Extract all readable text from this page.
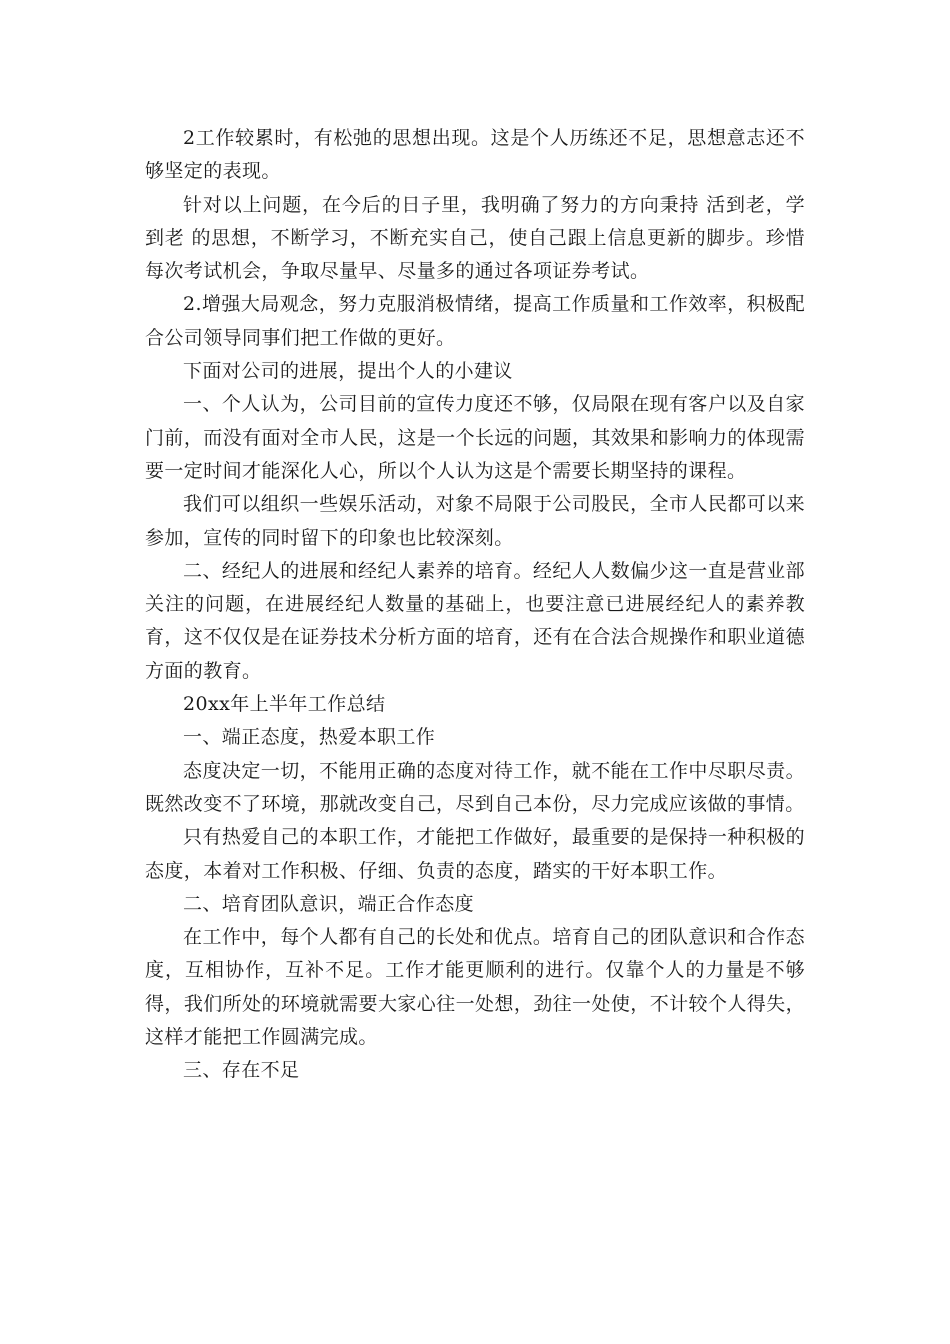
2工作较累时，有松弛的思想出现。这是个人历练还不足，思想意志还不够坚定的表现。

针对以上问题，在今后的日子里，我明确了努力的方向秉持 活到老，学到老 的思想，不断学习，不断充实自己，使自己跟上信息更新的脚步。珍惜每次考试机会，争取尽量早、尽量多的通过各项证券考试。

2.增强大局观念，努力克服消极情绪，提高工作质量和工作效率，积极配合公司领导同事们把工作做的更好。

下面对公司的进展，提出个人的小建议

一、个人认为，公司目前的宣传力度还不够，仅局限在现有客户以及自家门前，而没有面对全市人民，这是一个长远的问题，其效果和影响力的体现需要一定时间才能深化人心，所以个人认为这是个需要长期坚持的课程。

我们可以组织一些娱乐活动，对象不局限于公司股民，全市人民都可以来参加，宣传的同时留下的印象也比较深刻。

二、经纪人的进展和经纪人素养的培育。经纪人人数偏少这一直是营业部关注的问题，在进展经纪人数量的基础上，也要注意已进展经纪人的素养教育，这不仅仅是在证券技术分析方面的培育，还有在合法合规操作和职业道德方面的教育。

20xx年上半年工作总结

一、端正态度，热爱本职工作

态度决定一切，不能用正确的态度对待工作，就不能在工作中尽职尽责。既然改变不了环境，那就改变自己，尽到自己本份，尽力完成应该做的事情。

只有热爱自己的本职工作，才能把工作做好，最重要的是保持一种积极的态度，本着对工作积极、仔细、负责的态度，踏实的干好本职工作。

二、培育团队意识，端正合作态度

在工作中，每个人都有自己的长处和优点。培育自己的团队意识和合作态度，互相协作，互补不足。工作才能更顺利的进行。仅靠个人的力量是不够得，我们所处的环境就需要大家心往一处想，劲往一处使，不计较个人得失，这样才能把工作圆满完成。

三、存在不足
